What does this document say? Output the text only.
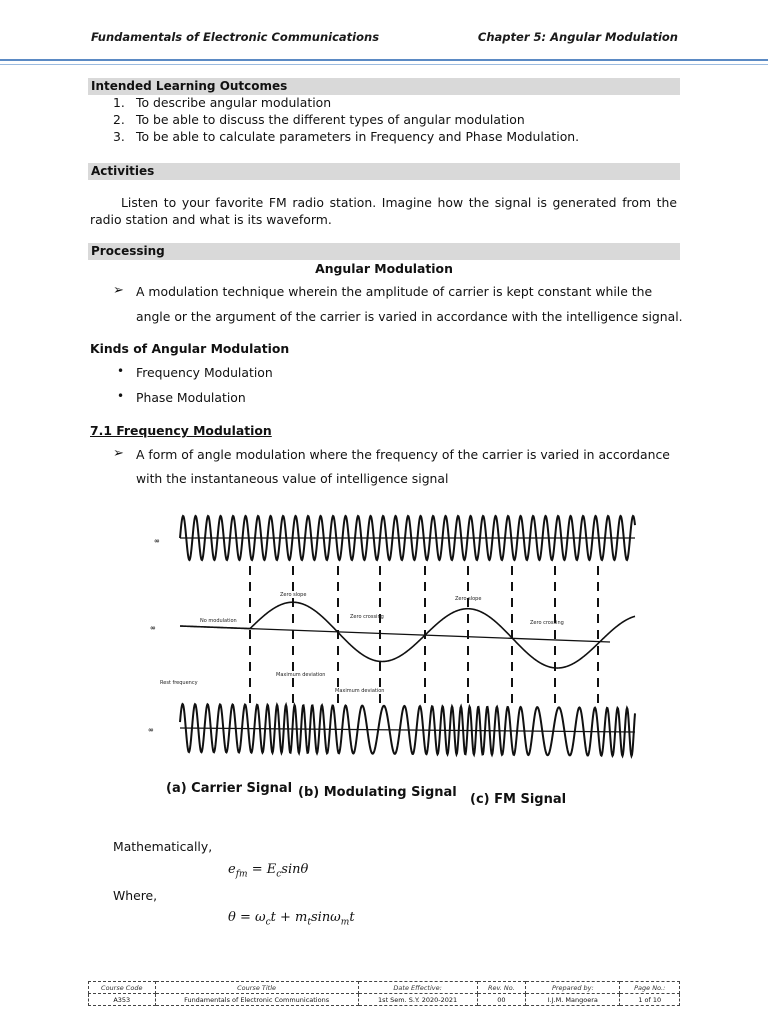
Fundamentals of Electronic Communications	Chapter 5: Angular Modulation
Intended Learning Outcomes
1. To describe angular modulation
2. To be able to discuss the different types of angular modulation
3. To be able to calculate parameters in Frequency and Phase Modulation.
Activities
Listen to your favorite FM radio station. Imagine how the signal is generated from the radio station and what is its waveform.
Processing
Angular Modulation
➢ A modulation technique wherein the amplitude of carrier is kept constant while the
angle or the argument of the carrier is varied in accordance with the intelligence signal.
Kinds of Angular Modulation
• Frequency Modulation
• Phase Modulation
7.1 Frequency Modulation
➢ A form of angle modulation where the frequency of the carrier is varied in accordance
with the instantaneous value of intelligence signal
∞
∞
∞
Zero slope
Zero slope
Zero crossing
Zero crossing
No modulation
Rest frequency
Maximum deviation
Maximum deviation
(a) Carrier Signal (b) Modulating Signal (c) FM Signal
Mathematically,
$e_{fm} = E_c\sin\theta$
Where,
$\theta = \omega_ct + m_t\sin\omega_mt$
Course Code	Course Title	Date Effective:	Rev. No.	Prepared by:	Page No.:
A353	Fundamentals of Electronic Communications	1st Sem. S.Y. 2020-2021	00	I.J.M. Mangoera	1 of 10
